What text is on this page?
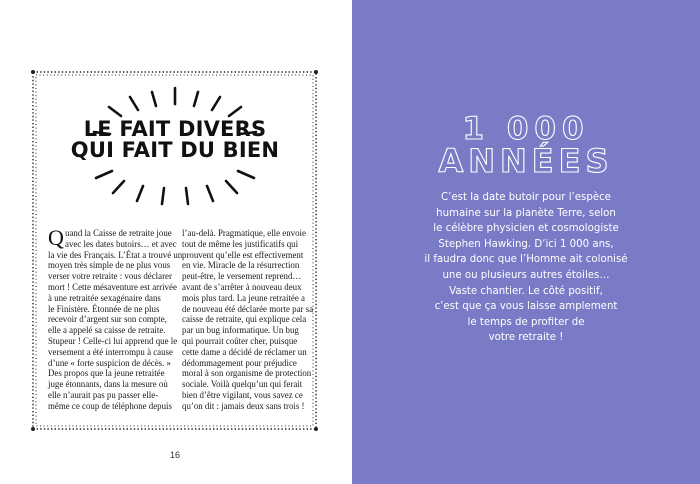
LE FAIT DIVERS
QUI FAIT DU BIEN
Q uand la Caisse de retraite joue
avec les dates butoirs… et avec
la vie des Français. L’État a trouvé un
moyen très simple de ne plus vous
verser votre retraite : vous déclarer
mort ! Cette mésaventure est arrivée
à une retraitée sexagénaire dans
le Finistère. Étonnée de ne plus
recevoir d’argent sur son compte,
elle a appelé sa caisse de retraite.
Stupeur ! Celle-ci lui apprend que le
versement a été interrompu à cause
d’une « forte suspicion de décès. »
Des propos que la jeune retraitée
juge étonnants, dans la mesure où
elle n’aurait pas pu passer elle-
même ce coup de téléphone depuis
l’au-delà. Pragmatique, elle envoie
tout de même les justificatifs qui
prouvent qu’elle est effectivement
en vie. Miracle de la résurrection
peut-être, le versement reprend…
avant de s’arrêter à nouveau deux
mois plus tard. La jeune retraitée a
de nouveau été déclarée morte par sa
caisse de retraite, qui explique cela
par un bug informatique. Un bug
qui pourrait coûter cher, puisque
cette dame a décidé de réclamer un
dédommagement pour préjudice
moral à son organisme de protection
sociale. Voilà quelqu’un qui ferait
bien d’être vigilant, vous savez ce
qu’on dit : jamais deux sans trois !
16
1 000
ANNÉES
C’est la date butoir pour l’espèce
humaine sur la planète Terre, selon
le célèbre physicien et cosmologiste
Stephen Hawking. D’ici 1 000 ans,
il faudra donc que l’Homme ait colonisé
une ou plusieurs autres étoiles…
Vaste chantier. Le côté positif,
c’est que ça vous laisse amplement
le temps de profiter de
votre retraite !
